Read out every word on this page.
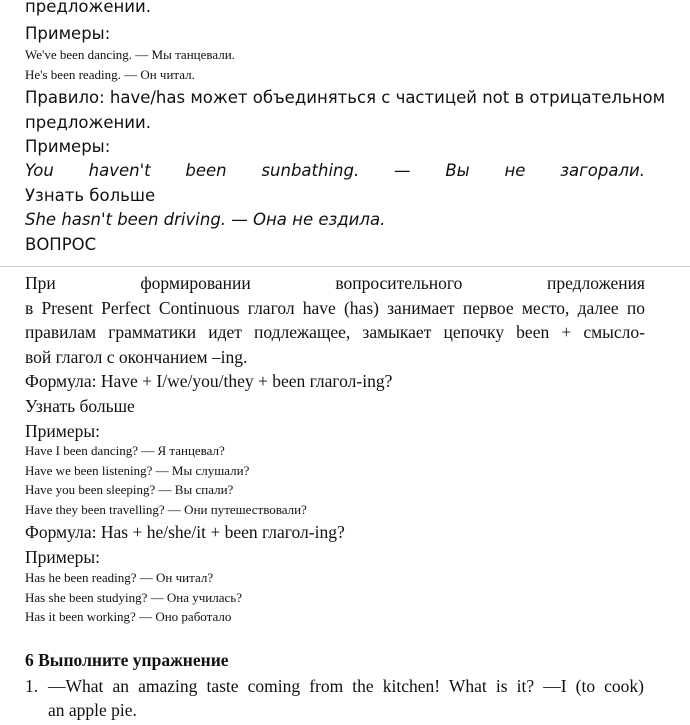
предложении.
Примеры:
We've been dancing. — Мы танцевали.
He's been reading. — Он читал.
Правило: have/has может объединяться с частицей not в отрицательном
предложении.
Примеры:
You haven't been sunbathing. — Вы не загорали.
Узнать больше
She hasn't been driving. — Она не ездила.
ВОПРОС
При формировании вопросительного предложения
в Present Perfect Continuous глагол have (has) занимает первое место, далее по
правилам грамматики идет подлежащее, замыкает цепочку been + смысло-
вой глагол с окончанием –ing.
Формула: Have + I/we/you/they + been глагол-ing?
Узнать больше
Примеры:
Have I been dancing? — Я танцевал?
Have we been listening? — Мы слушали?
Have you been sleeping? — Вы спали?
Have they been travelling? — Они путешествовали?
Формула: Has + he/she/it + been глагол-ing?
Примеры:
Has he been reading? — Он читал?
Has she been studying? — Она училась?
Has it been working? — Оно работало
6 Выполните упражнение
1. —What an amazing taste coming from the kitchen! What is it? —I (to cook)
an apple pie.
